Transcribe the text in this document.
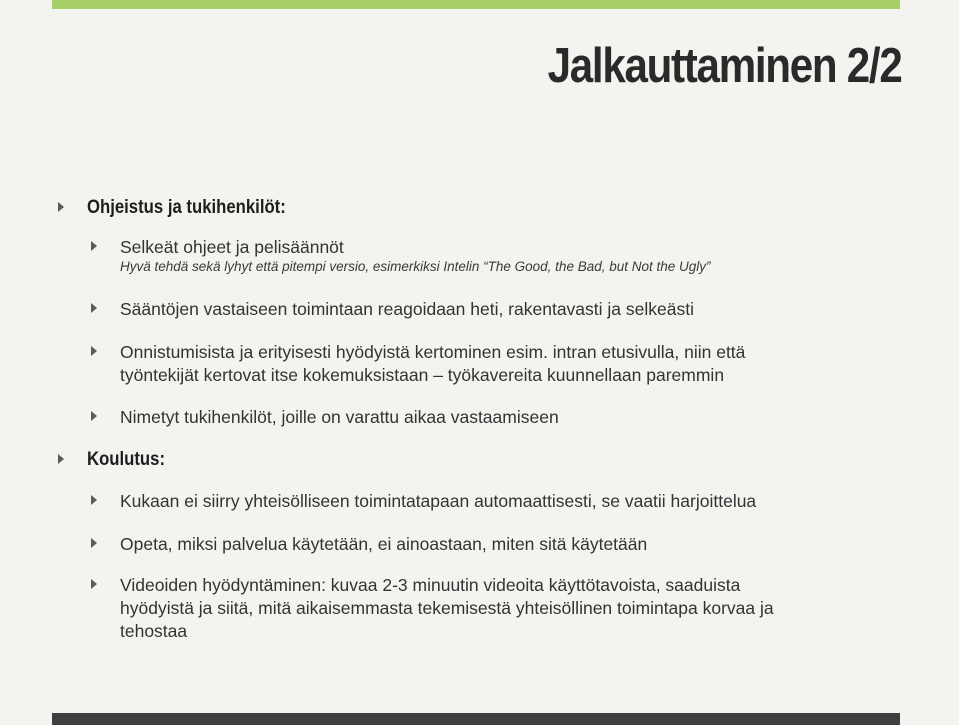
Jalkauttaminen 2/2
Ohjeistus ja tukihenkilöt:
Selkeät ohjeet ja pelisäännöt
Hyvä tehdä sekä lyhyt että pitempi versio, esimerkiksi Intelin “The Good, the Bad, but Not the Ugly”
Sääntöjen vastaiseen toimintaan reagoidaan heti, rakentavasti ja selkeästi
Onnistumisista ja erityisesti hyödyistä kertominen esim. intran etusivulla, niin että
työntekijät kertovat itse kokemuksistaan – työkavereita kuunnellaan paremmin
Nimetyt tukihenkilöt, joille on varattu aikaa vastaamiseen
Koulutus:
Kukaan ei siirry yhteisölliseen toimintatapaan automaattisesti, se vaatii harjoittelua
Opeta, miksi palvelua käytetään, ei ainoastaan, miten sitä käytetään
Videoiden hyödyntäminen: kuvaa 2-3 minuutin videoita käyttötavoista, saaduista
hyödyistä ja siitä, mitä aikaisemmasta tekemisestä yhteisöllinen toimintapa korvaa ja
tehostaa
